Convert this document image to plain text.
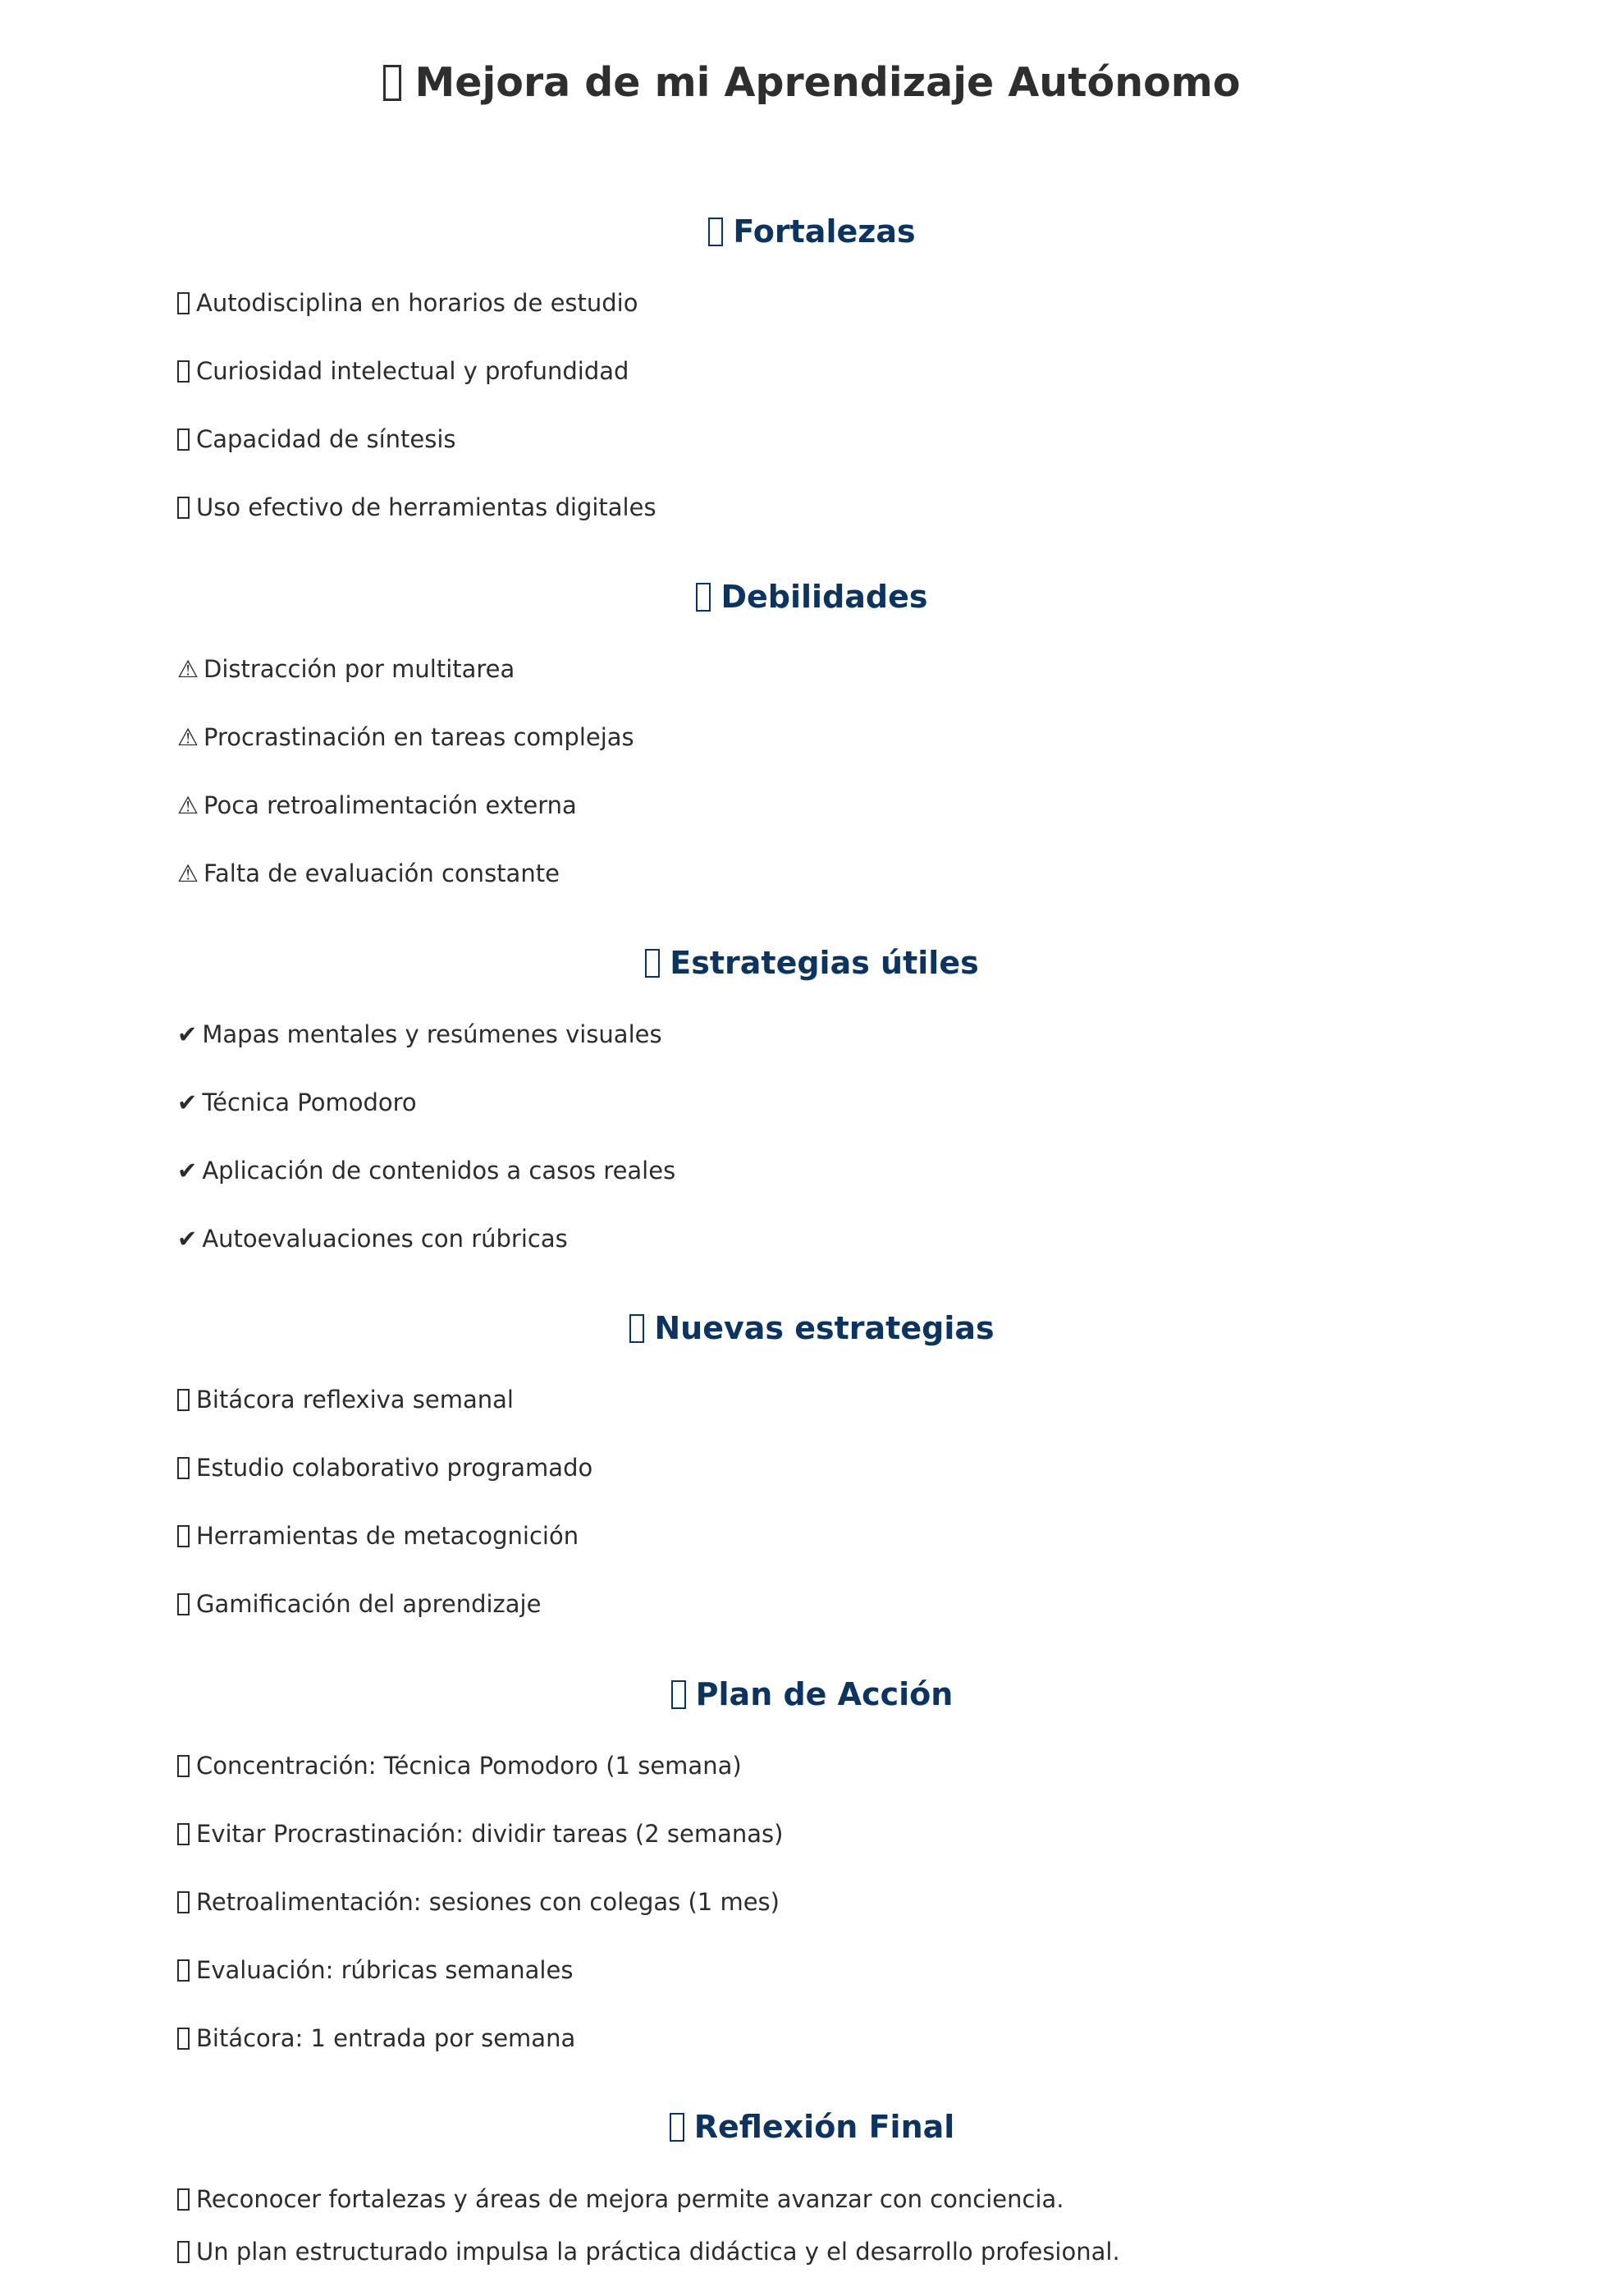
Mejora de mi Aprendizaje Autónomo
Fortalezas

Autodisciplina en horarios de estudio

Curiosidad intelectual y profundidad

Capacidad de síntesis

Uso efectivo de herramientas digitales

Debilidades

⚠ Distracción por multitarea

⚠ Procrastinación en tareas complejas

⚠ Poca retroalimentación externa

⚠ Falta de evaluación constante

Estrategias útiles

✔ Mapas mentales y resúmenes visuales

✔ Técnica Pomodoro

✔ Aplicación de contenidos a casos reales

✔ Autoevaluaciones con rúbricas

Nuevas estrategias

Bitácora reflexiva semanal

Estudio colaborativo programado

Herramientas de metacognición

Gamificación del aprendizaje

Plan de Acción

Concentración: Técnica Pomodoro (1 semana)

Evitar Procrastinación: dividir tareas (2 semanas)

Retroalimentación: sesiones con colegas (1 mes)

Evaluación: rúbricas semanales

Bitácora: 1 entrada por semana

Reflexión Final

Reconocer fortalezas y áreas de mejora permite avanzar con conciencia.

Un plan estructurado impulsa la práctica didáctica y el desarrollo profesional.
